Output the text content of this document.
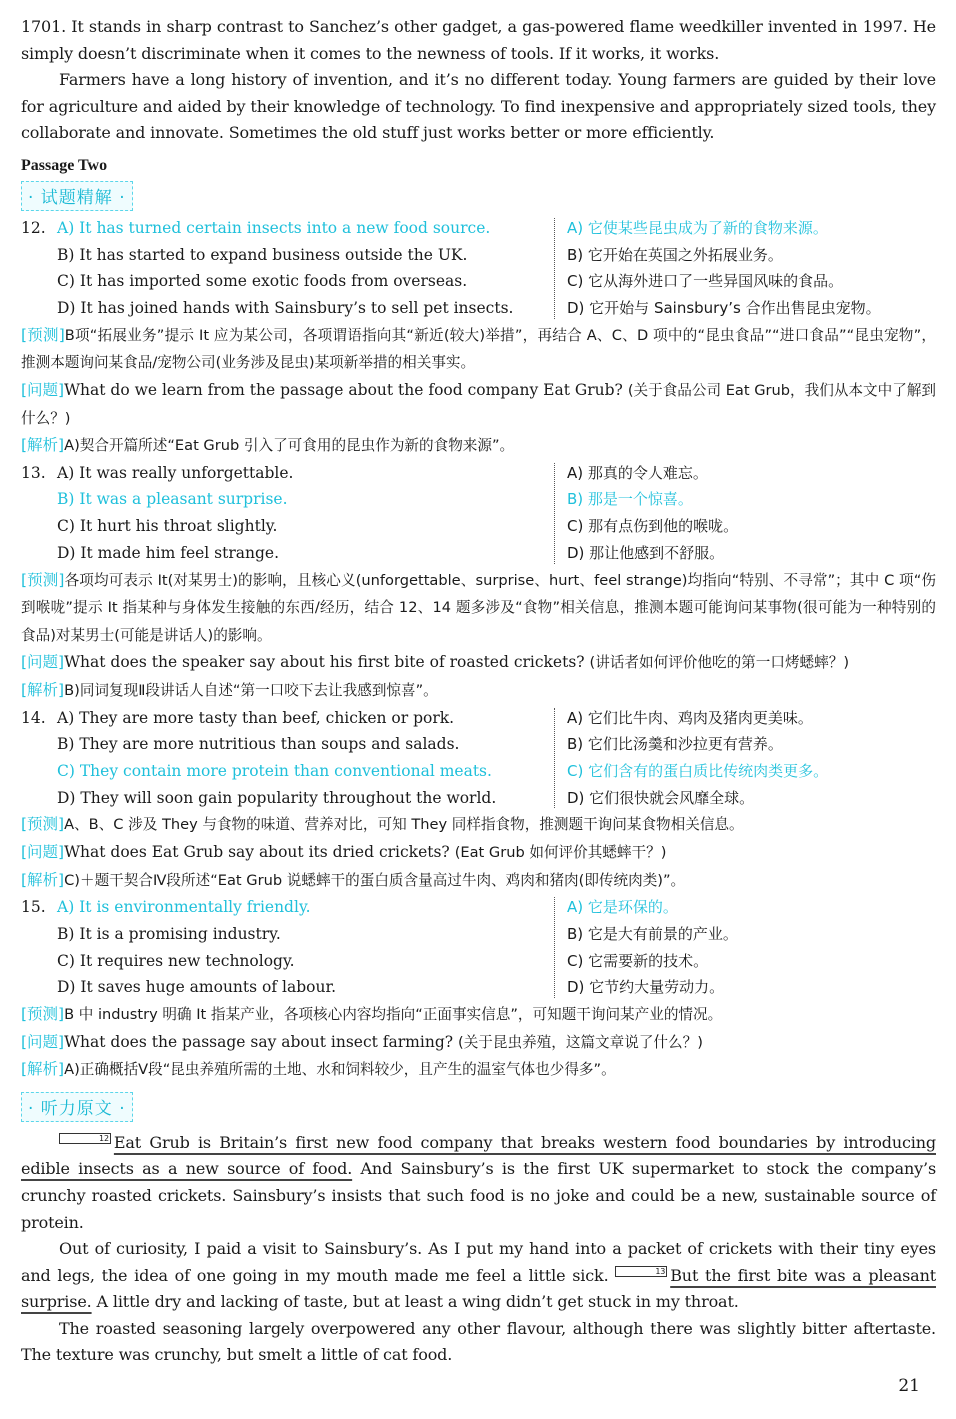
1701. It stands in sharp contrast to Sanchez’s other gadget, a gas-powered flame weedkiller invented in 1997. He simply doesn’t discriminate when it comes to the newness of tools. If it works, it works.

Farmers have a long history of invention, and it’s no different today. Young farmers are guided by their love for agriculture and aided by their knowledge of technology. To find inexpensive and appropriately sized tools, they collaborate and innovate. Sometimes the old stuff just works better or more efficiently.

Passage Two
· 试题精解 ·
12. A) It has turned certain insects into a new food source.	A) 它使某些昆虫成为了新的食物来源。
B) It has started to expand business outside the UK.	B) 它开始在英国之外拓展业务。
C) It has imported some exotic foods from overseas.	C) 它从海外进口了一些异国风味的食品。
D) It has joined hands with Sainsbury’s to sell pet insects.	D) 它开始与 Sainsbury’s 合作出售昆虫宠物。

[预测]B项“拓展业务”提示 It 应为某公司，各项谓语指向其“新近(较大)举措”，再结合 A、C、D 项中的“昆虫食品”“进口食品”“昆虫宠物”，推测本题询问某食品/宠物公司(业务涉及昆虫)某项新举措的相关事实。

[问题]What do we learn from the passage about the food company Eat Grub? (关于食品公司 Eat Grub，我们从本文中了解到什么？)

[解析]A)契合开篇所述“Eat Grub 引入了可食用的昆虫作为新的食物来源”。

13. A) It was really unforgettable.	A) 那真的令人难忘。
B) It was a pleasant surprise.	B) 那是一个惊喜。
C) It hurt his throat slightly.	C) 那有点伤到他的喉咙。
D) It made him feel strange.	D) 那让他感到不舒服。

[预测]各项均可表示 It(对某男士)的影响，且核心义(unforgettable、surprise、hurt、feel strange)均指向“特别、不寻常”；其中 C 项“伤到喉咙”提示 It 指某种与身体发生接触的东西/经历，结合 12、14 题多涉及“食物”相关信息，推测本题可能询问某事物(很可能为一种特别的食品)对某男士(可能是讲话人)的影响。

[问题]What does the speaker say about his first bite of roasted crickets? (讲话者如何评价他吃的第一口烤蟋蟀？)

[解析]B)同词复现Ⅱ段讲话人自述“第一口咬下去让我感到惊喜”。

14. A) They are more tasty than beef, chicken or pork.	A) 它们比牛肉、鸡肉及猪肉更美味。
B) They are more nutritious than soups and salads.	B) 它们比汤羹和沙拉更有营养。
C) They contain more protein than conventional meats.	C) 它们含有的蛋白质比传统肉类更多。
D) They will soon gain popularity throughout the world.	D) 它们很快就会风靡全球。

[预测]A、B、C 涉及 They 与食物的味道、营养对比，可知 They 同样指食物，推测题干询问某食物相关信息。

[问题]What does Eat Grub say about its dried crickets? (Eat Grub 如何评价其蟋蟀干？)

[解析]C)＋题干契合Ⅳ段所述“Eat Grub 说蟋蟀干的蛋白质含量高过牛肉、鸡肉和猪肉(即传统肉类)”。

15. A) It is environmentally friendly.	A) 它是环保的。
B) It is a promising industry.	B) 它是大有前景的产业。
C) It requires new technology.	C) 它需要新的技术。
D) It saves huge amounts of labour.	D) 它节约大量劳动力。

[预测]B 中 industry 明确 It 指某产业，各项核心内容均指向“正面事实信息”，可知题干询问某产业的情况。

[问题]What does the passage say about insect farming? (关于昆虫养殖，这篇文章说了什么？)

[解析]A)正确概括Ⅴ段“昆虫养殖所需的土地、水和饲料较少，且产生的温室气体也少得多”。

· 听力原文 ·

12 Eat Grub is Britain’s first new food company that breaks western food boundaries by introducing edible insects as a new source of food. And Sainsbury’s is the first UK supermarket to stock the company’s crunchy roasted crickets. Sainsbury’s insists that such food is no joke and could be a new, sustainable source of protein.

Out of curiosity, I paid a visit to Sainsbury’s. As I put my hand into a packet of crickets with their tiny eyes and legs, the idea of one going in my mouth made me feel a little sick.	13 But the first bite was a pleasant surprise. A little dry and lacking of taste, but at least a wing didn’t get stuck in my throat.

The roasted seasoning largely overpowered any other flavour, although there was slightly bitter aftertaste. The texture was crunchy, but smelt a little of cat food.

21
